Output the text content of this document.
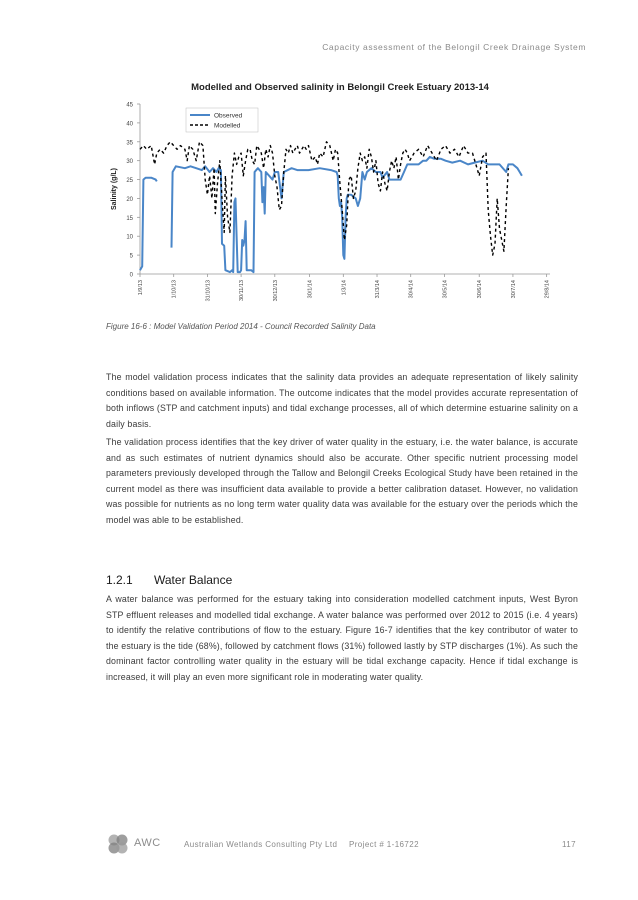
Capacity assessment of the Belongil Creek Drainage System
Modelled and Observed salinity in Belongil Creek Estuary 2013-14
0
5
10
15
20
25
30
35
40
45
Salinity (g/L)
1/9/13	1/10/13	31/10/13	30/11/13	30/12/13	30/1/14	1/3/14	31/3/14	30/4/14	30/5/14	30/6/14	30/7/14	29/8/14
Observed
Modelled
Figure 16-6 : Model Validation Period 2014 - Council Recorded Salinity Data
The model validation process indicates that the salinity data provides an adequate representation of likely salinity conditions based on available information. The outcome indicates that the model provides accurate representation of both inflows (STP and catchment inputs) and tidal exchange processes, all of which determine estuarine salinity on a daily basis.
The validation process identifies that the key driver of water quality in the estuary, i.e. the water balance, is accurate and as such estimates of nutrient dynamics should also be accurate. Other specific nutrient processing model parameters previously developed through the Tallow and Belongil Creeks Ecological Study have been retained in the current model as there was insufficient data available to provide a better calibration dataset. However, no validation was possible for nutrients as no long term water quality data was available for the estuary over the periods which the model was able to be established.
1.2.1 Water Balance
A water balance was performed for the estuary taking into consideration modelled catchment inputs, West Byron STP effluent releases and modelled tidal exchange. A water balance was performed over 2012 to 2015 (i.e. 4 years) to identify the relative contributions of flow to the estuary. Figure 16-7 identifies that the key contributor of water to the estuary is the tide (68%), followed by catchment flows (31%) followed lastly by STP discharges (1%). As such the dominant factor controlling water quality in the estuary will be tidal exchange capacity. Hence if tidal exchange is increased, it will play an even more significant role in moderating water quality.
AWC	Australian Wetlands Consulting Pty Ltd Project # 1-16722	117
